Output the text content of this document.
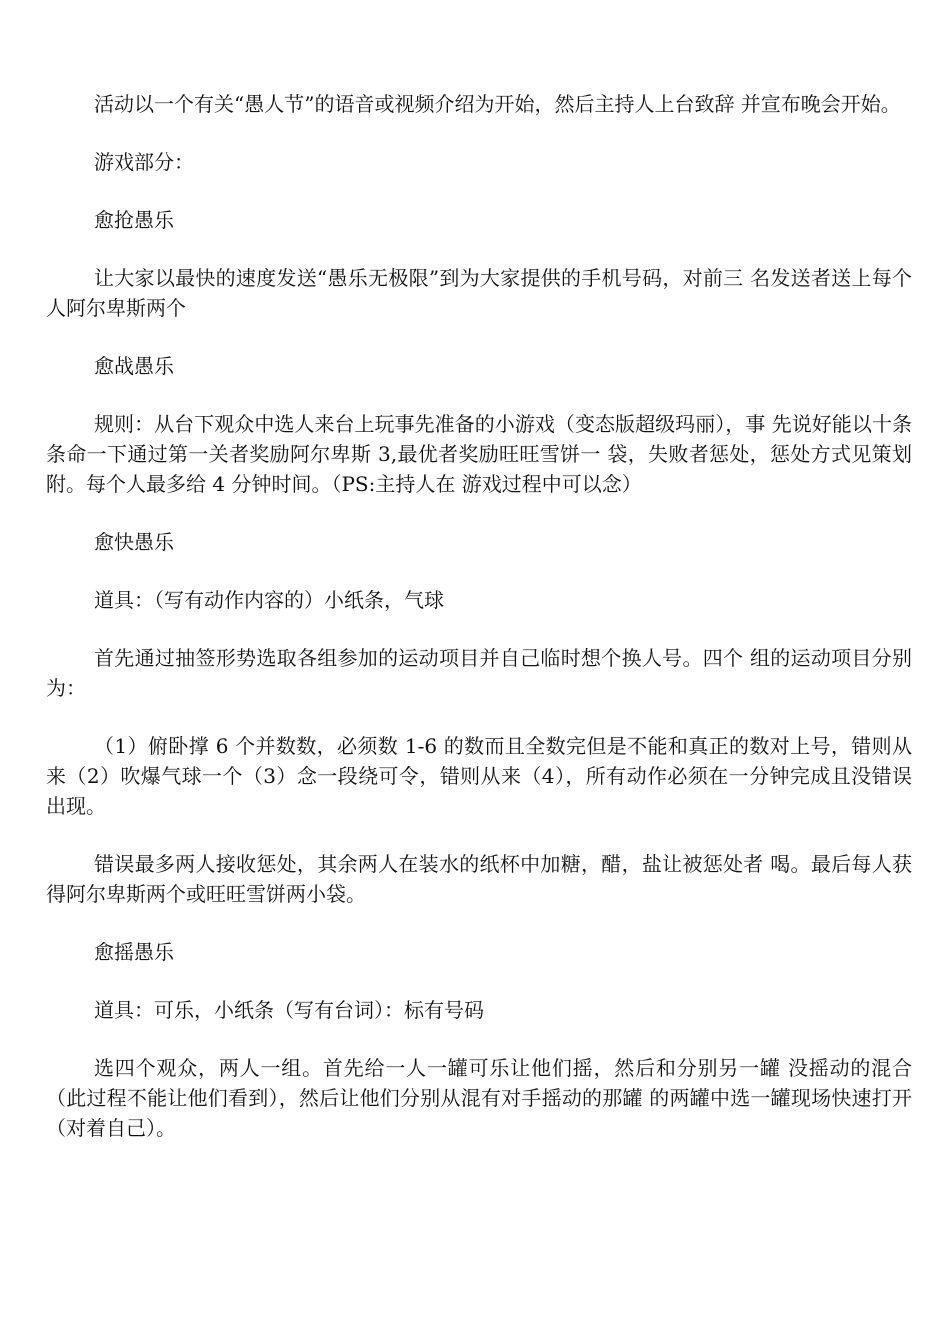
活动以一个有关“愚人节”的语音或视频介绍为开始，然后主持人上台致辞 并宣布晚会开始。

游戏部分：

愈抢愚乐

让大家以最快的速度发送“愚乐无极限”到为大家提供的手机号码，对前三 名发送者送上每个人阿尔卑斯两个

愈战愚乐

规则：从台下观众中选人来台上玩事先准备的小游戏（变态版超级玛丽），事 先说好能以十条条命一下通过第一关者奖励阿尔卑斯 3,最优者奖励旺旺雪饼一 袋，失败者惩处，惩处方式见策划附。每个人最多给 4 分钟时间。（PS:主持人在 游戏过程中可以念）

愈快愚乐

道具：（写有动作内容的）小纸条，气球

首先通过抽签形势选取各组参加的运动项目并自己临时想个换人号。四个 组的运动项目分别为：

（1）俯卧撑 6 个并数数，必须数 1-6 的数而且全数完但是不能和真正的数对上号，错则从来（2）吹爆气球一个（3）念一段绕可令，错则从来（4），所有动作必须在一分钟完成且没错误出现。

错误最多两人接收惩处，其余两人在装水的纸杯中加糖，醋，盐让被惩处者 喝。最后每人获得阿尔卑斯两个或旺旺雪饼两小袋。

愈摇愚乐

道具：可乐，小纸条（写有台词）：标有号码

选四个观众，两人一组。首先给一人一罐可乐让他们摇，然后和分别另一罐 没摇动的混合（此过程不能让他们看到），然后让他们分别从混有对手摇动的那罐 的两罐中选一罐现场快速打开（对着自己）。
